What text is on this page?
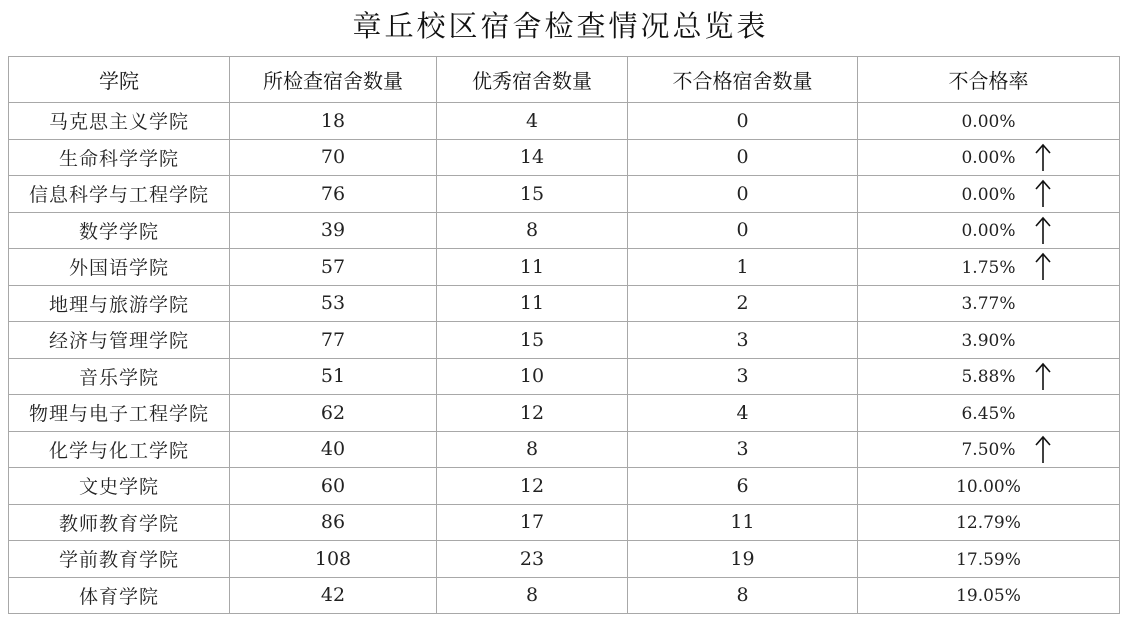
章丘校区宿舍检查情况总览表
学院	所检查宿舍数量	优秀宿舍数量	不合格宿舍数量	不合格率
马克思主义学院	18	4	0	0.00%
生命科学学院	70	14	0	0.00%

信息科学与工程学院	76	15	0	0.00%

数学学院	39	8	0	0.00%

外国语学院	57	11	1	1.75%

地理与旅游学院	53	11	2	3.77%
经济与管理学院	77	15	3	3.90%
音乐学院	51	10	3	5.88%

物理与电子工程学院	62	12	4	6.45%
化学与化工学院	40	8	3	7.50%

文史学院	60	12	6	10.00%
教师教育学院	86	17	11	12.79%
学前教育学院	108	23	19	17.59%
体育学院	42	8	8	19.05%
